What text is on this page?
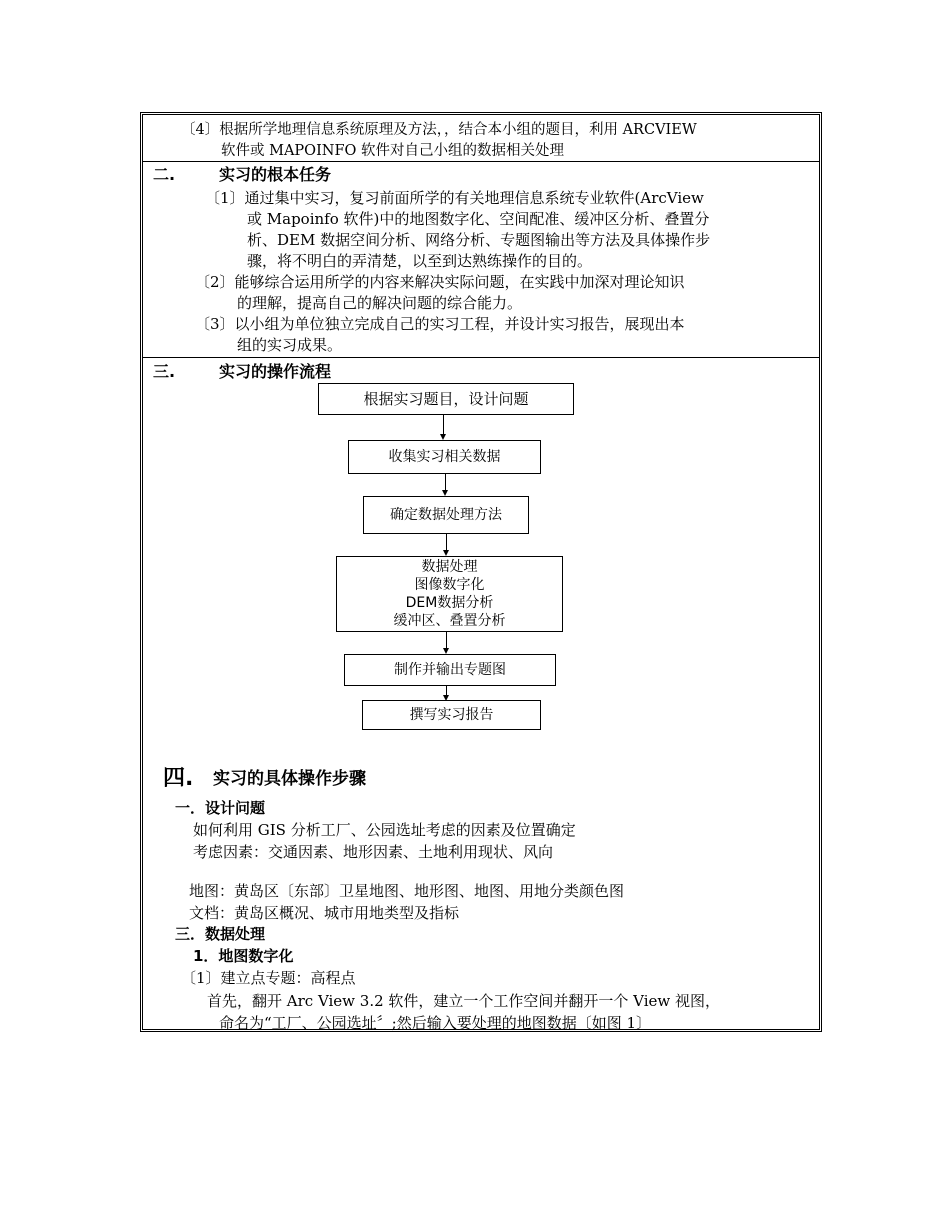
〔4〕根据所学地理信息系统原理及方法，，结合本小组的题目，利用 ARCVIEW
软件或 MAPOINFO 软件对自己小组的数据相关处理
二.	实习的根本任务
〔1〕通过集中实习，复习前面所学的有关地理信息系统专业软件(ArcView
或 Mapoinfo 软件)中的地图数字化、空间配准、缓冲区分析、叠置分
析、DEM 数据空间分析、网络分析、专题图输出等方法及具体操作步
骤，将不明白的弄清楚，以至到达熟练操作的目的。
〔2〕能够综合运用所学的内容来解决实际问题，在实践中加深对理论知识
的理解，提高自己的解决问题的综合能力。
〔3〕以小组为单位独立完成自己的实习工程，并设计实习报告，展现出本
组的实习成果。
三.	实习的操作流程
根据实习题目，设计问题
收集实习相关数据
确定数据处理方法
数据处理
图像数字化
DEM数据分析
缓冲区、叠置分析
制作并输出专题图
撰写实习报告
四. 实习的具体操作步骤
一．设计问题
如何利用 GIS 分析工厂、公园选址考虑的因素及位置确定
考虑因素：交通因素、地形因素、土地利用现状、风向
地图：黄岛区〔东部〕卫星地图、地形图、地图、用地分类颜色图
文档：黄岛区概况、城市用地类型及指标
三．数据处理
1．地图数字化
〔1〕建立点专题：高程点
首先，翻开 Arc View 3.2 软件，建立一个工作空间并翻开一个 View 视图，
命名为“工厂、公园选址〞;然后输入要处理的地图数据〔如图 1〕
